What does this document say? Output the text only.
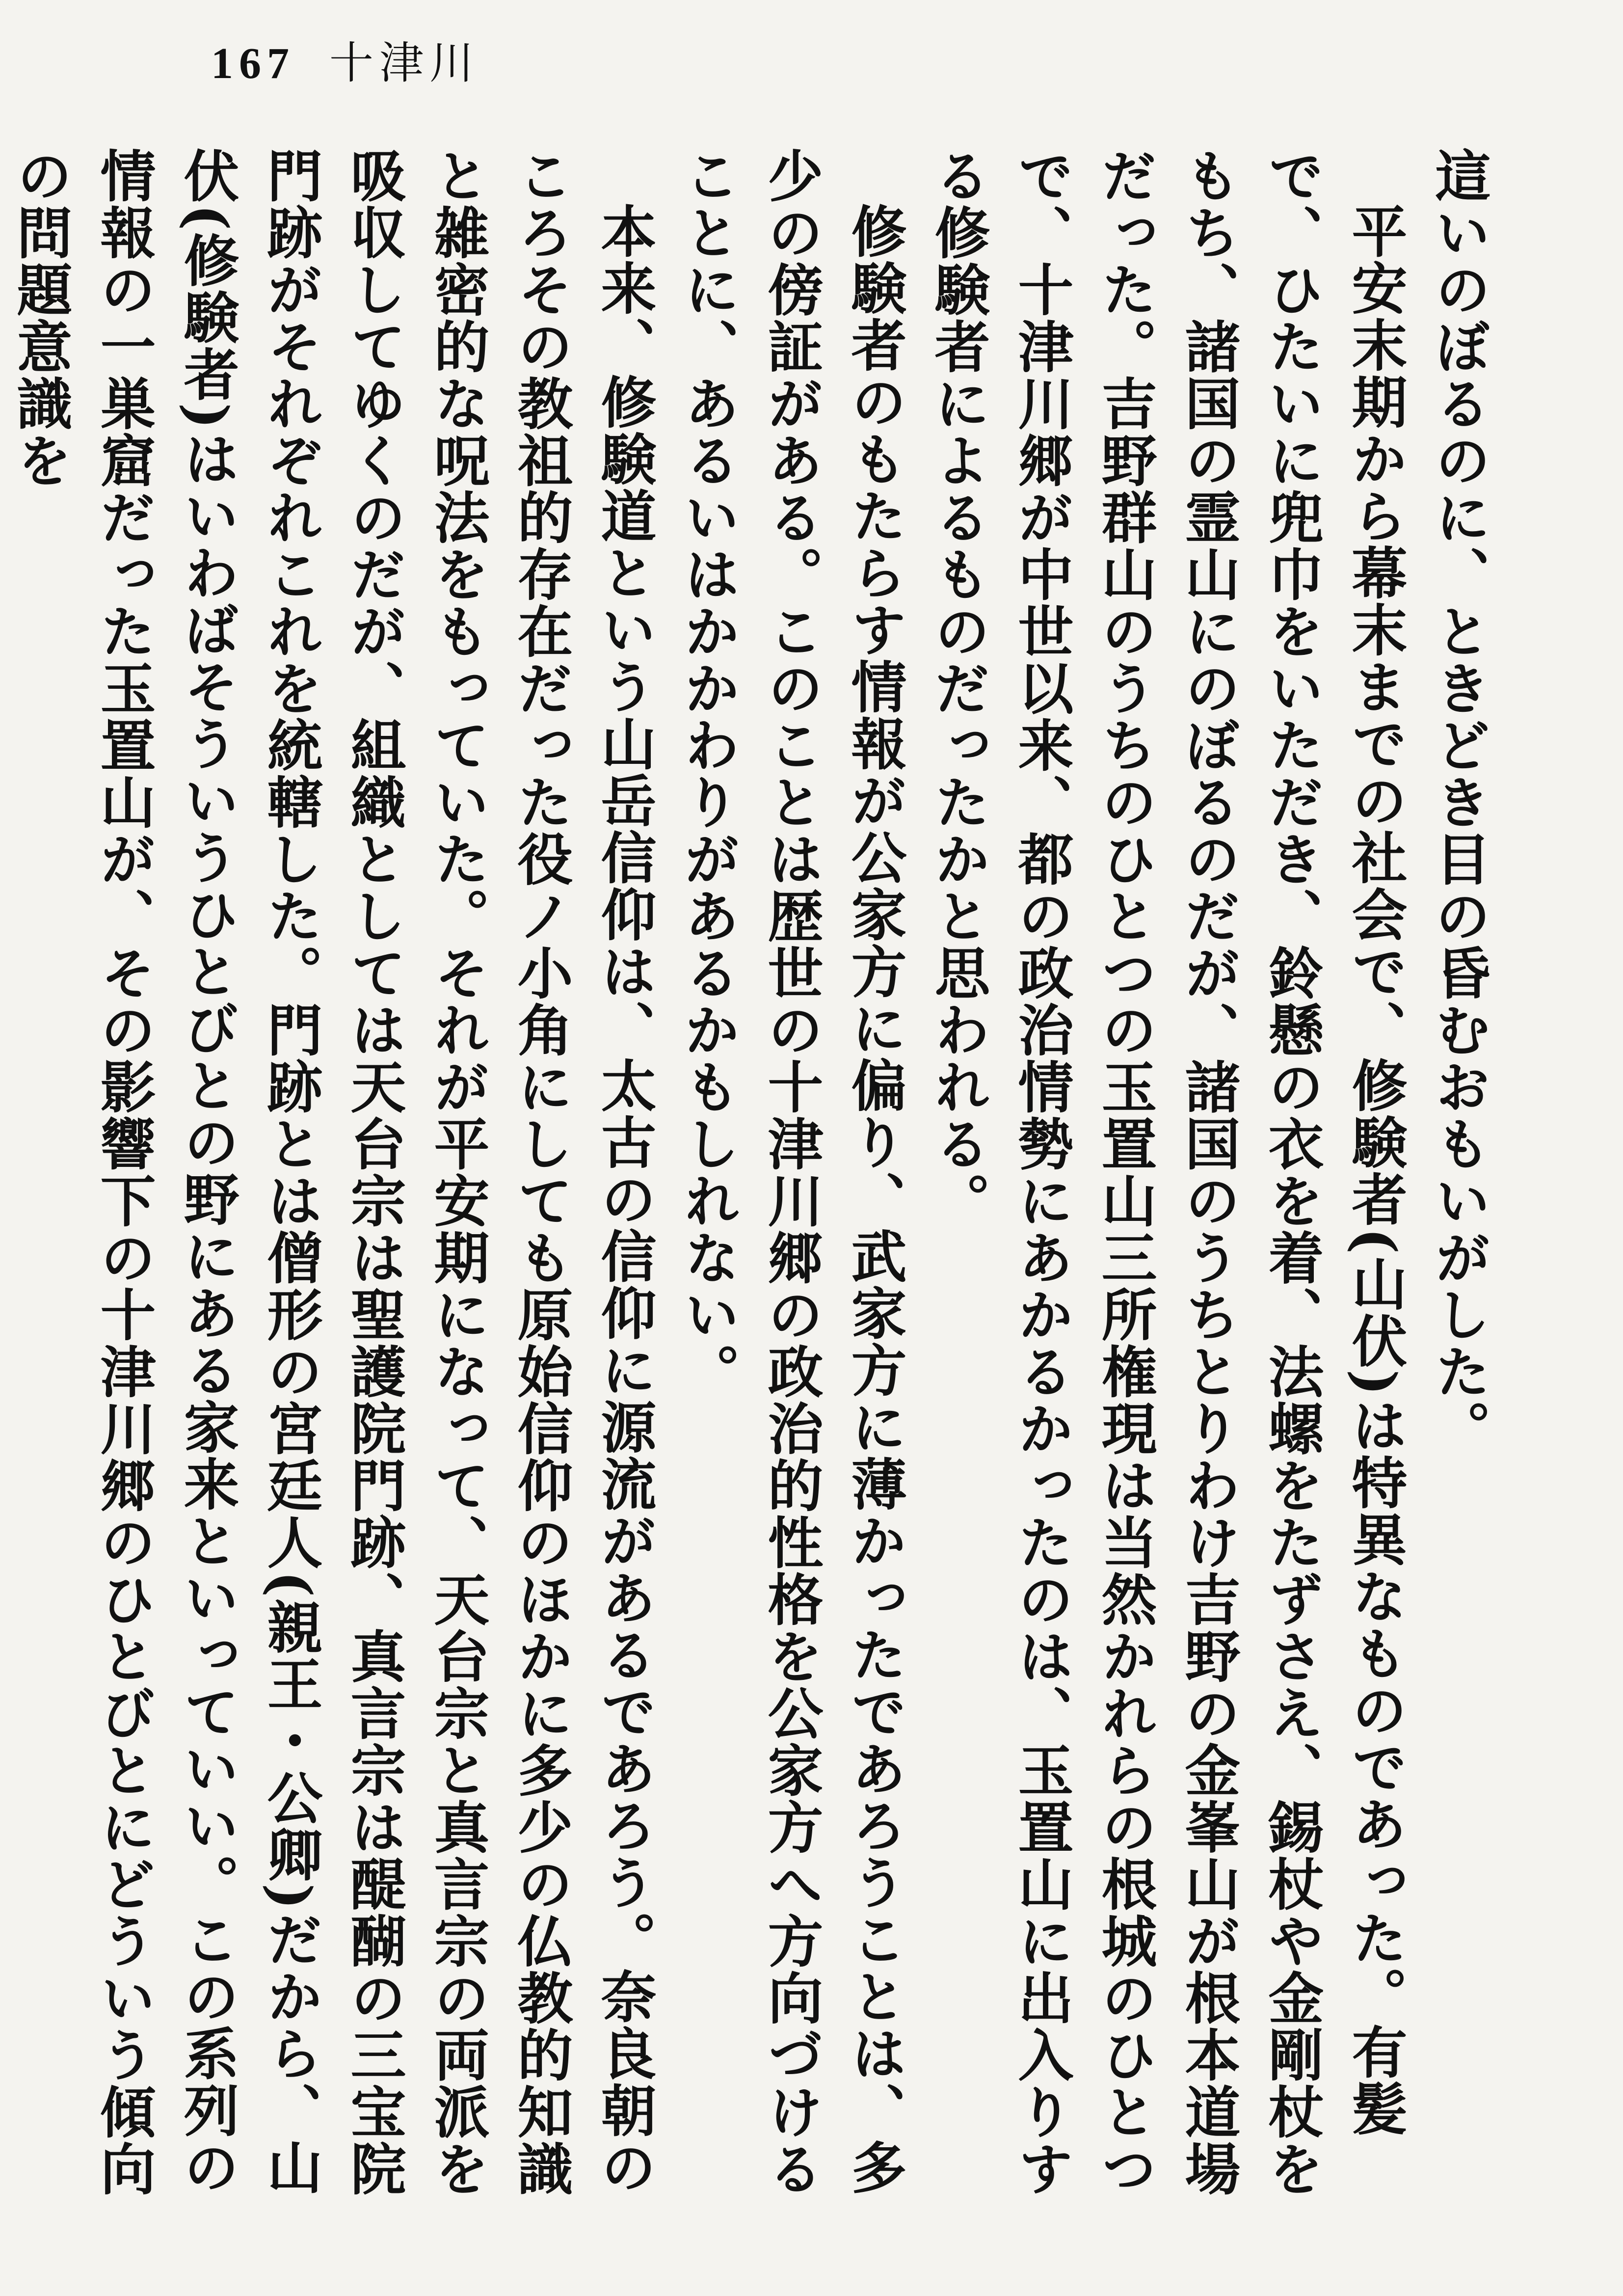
167 十津川

這いのぼるのに、ときどき目の昏むおもいがした。

平安末期から幕末までの社会で、修験者(山伏)は特異なものであった。有髪で、ひたいに兜巾をいただき、鈴懸の衣を着、法螺をたずさえ、錫杖や金剛杖をもち、諸国の霊山にのぼるのだが、諸国のうちとりわけ吉野の金峯山が根本道場だった。吉野群山のうちのひとつの玉置山三所権現は当然かれらの根城のひとつで、十津川郷が中世以来、都の政治情勢にあかるかったのは、玉置山に出入りする修験者によるものだったかと思われる。

修験者のもたらす情報が公家方に偏り、武家方に薄かったであろうことは、多少の傍証がある。このことは歴世の十津川郷の政治的性格を公家方へ方向づけることに、あるいはかかわりがあるかもしれない。

本来、修験道という山岳信仰は、太古の信仰に源流があるであろう。奈良朝のころその教祖的存在だった役ノ小角にしても原始信仰のほかに多少の仏教的知識と雑密的な呪法をもっていた。それが平安期になって、天台宗と真言宗の両派を吸収してゆくのだが、組織としては天台宗は聖護院門跡、真言宗は醍醐の三宝院門跡がそれぞれこれを統轄した。門跡とは僧形の宮廷人(親王・公卿)だから、山伏(修験者)はいわばそういうひとびとの野にある家来といっていい。この系列の情報の一巣窟だった玉置山が、その影響下の十津川郷のひとびとにどういう傾向の問題意識を
